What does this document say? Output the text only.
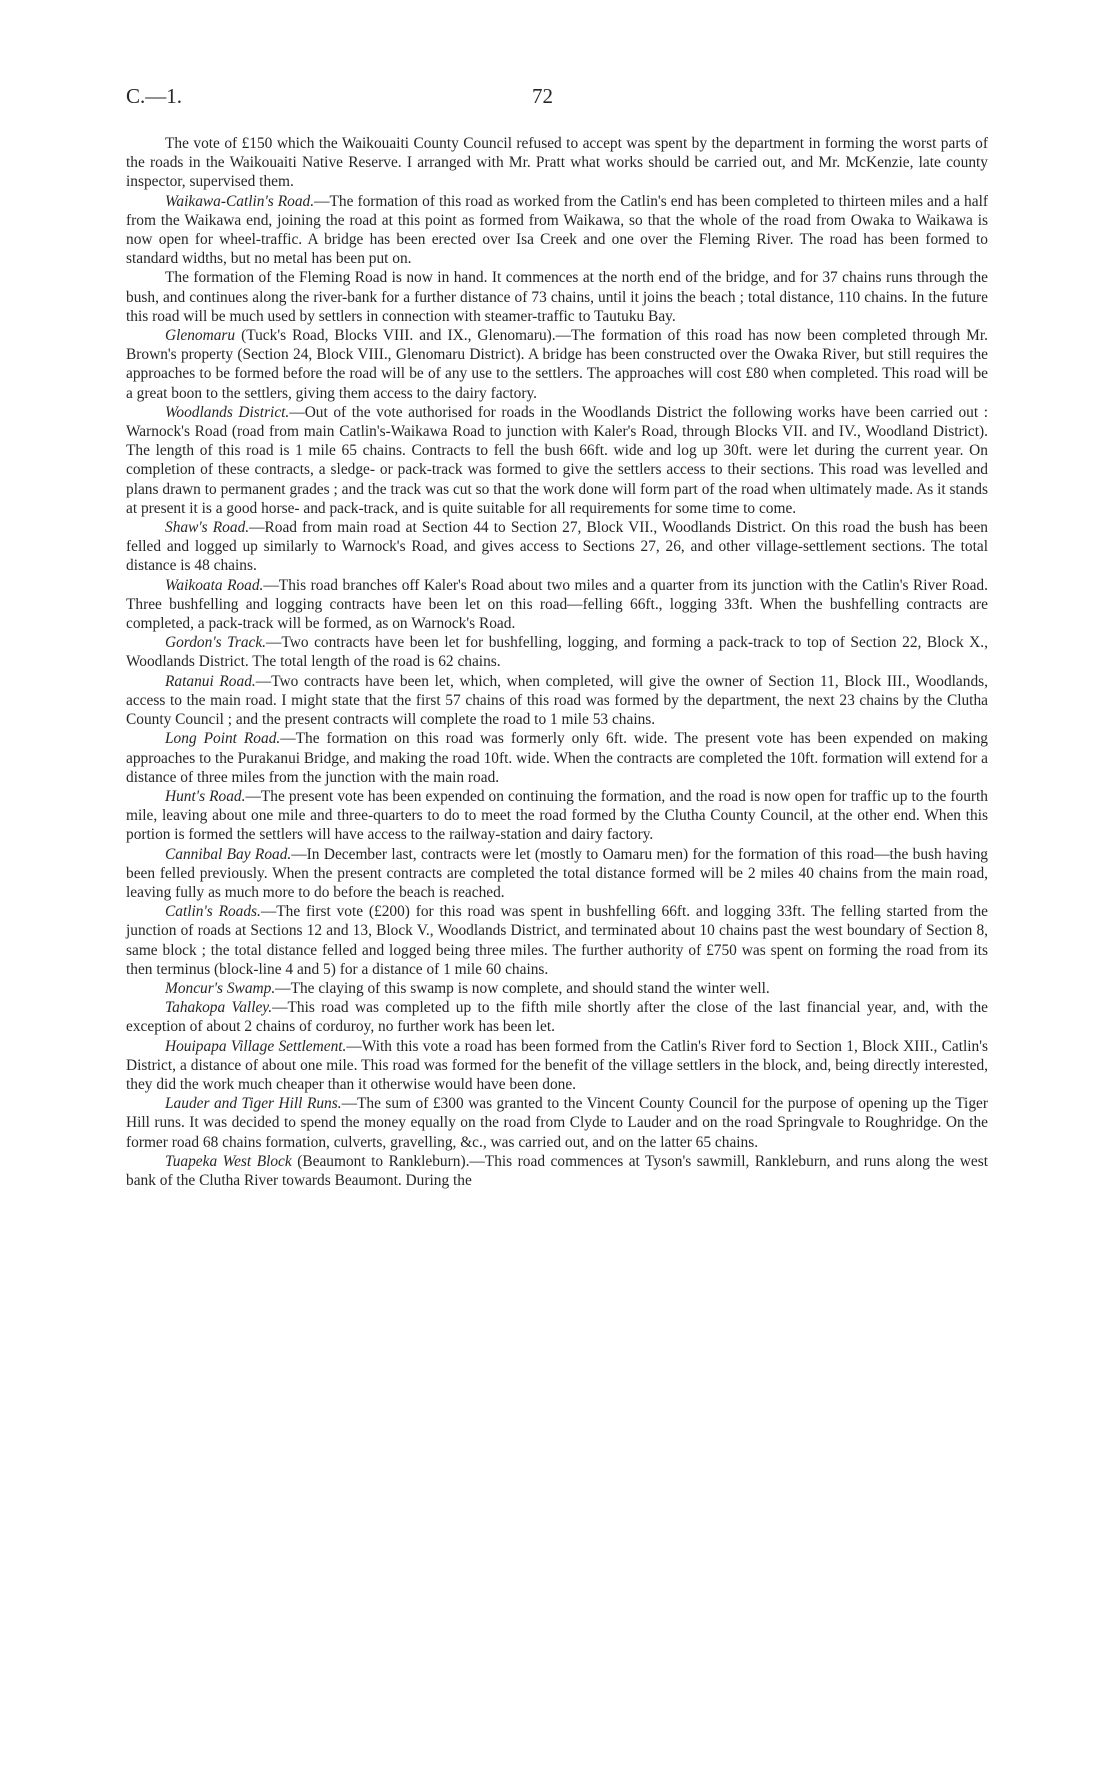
C.—1.	72

The vote of £150 which the Waikouaiti County Council refused to accept was spent by the department in forming the worst parts of the roads in the Waikouaiti Native Reserve. I arranged with Mr. Pratt what works should be carried out, and Mr. McKenzie, late county inspector, supervised them.

Waikawa-Catlin's Road.—The formation of this road as worked from the Catlin's end has been completed to thirteen miles and a half from the Waikawa end, joining the road at this point as formed from Waikawa, so that the whole of the road from Owaka to Waikawa is now open for wheel-traffic. A bridge has been erected over Isa Creek and one over the Fleming River. The road has been formed to standard widths, but no metal has been put on.

The formation of the Fleming Road is now in hand. It commences at the north end of the bridge, and for 37 chains runs through the bush, and continues along the river-bank for a further distance of 73 chains, until it joins the beach ; total distance, 110 chains. In the future this road will be much used by settlers in connection with steamer-traffic to Tautuku Bay.

Glenomaru (Tuck's Road, Blocks VIII. and IX., Glenomaru).—The formation of this road has now been completed through Mr. Brown's property (Section 24, Block VIII., Glenomaru District). A bridge has been constructed over the Owaka River, but still requires the approaches to be formed before the road will be of any use to the settlers. The approaches will cost £80 when completed. This road will be a great boon to the settlers, giving them access to the dairy factory.

Woodlands District.—Out of the vote authorised for roads in the Woodlands District the following works have been carried out : Warnock's Road (road from main Catlin's-Waikawa Road to junction with Kaler's Road, through Blocks VII. and IV., Woodland District). The length of this road is 1 mile 65 chains. Contracts to fell the bush 66ft. wide and log up 30ft. were let during the current year. On completion of these contracts, a sledge- or pack-track was formed to give the settlers access to their sections. This road was levelled and plans drawn to permanent grades ; and the track was cut so that the work done will form part of the road when ultimately made. As it stands at present it is a good horse- and pack-track, and is quite suitable for all requirements for some time to come.

Shaw's Road.—Road from main road at Section 44 to Section 27, Block VII., Woodlands District. On this road the bush has been felled and logged up similarly to Warnock's Road, and gives access to Sections 27, 26, and other village-settlement sections. The total distance is 48 chains.

Waikoata Road.—This road branches off Kaler's Road about two miles and a quarter from its junction with the Catlin's River Road. Three bushfelling and logging contracts have been let on this road—felling 66ft., logging 33ft. When the bushfelling contracts are completed, a pack-track will be formed, as on Warnock's Road.

Gordon's Track.—Two contracts have been let for bushfelling, logging, and forming a pack-track to top of Section 22, Block X., Woodlands District. The total length of the road is 62 chains.

Ratanui Road.—Two contracts have been let, which, when completed, will give the owner of Section 11, Block III., Woodlands, access to the main road. I might state that the first 57 chains of this road was formed by the department, the next 23 chains by the Clutha County Council ; and the present contracts will complete the road to 1 mile 53 chains.

Long Point Road.—The formation on this road was formerly only 6ft. wide. The present vote has been expended on making approaches to the Purakanui Bridge, and making the road 10ft. wide. When the contracts are completed the 10ft. formation will extend for a distance of three miles from the junction with the main road.

Hunt's Road.—The present vote has been expended on continuing the formation, and the road is now open for traffic up to the fourth mile, leaving about one mile and three-quarters to do to meet the road formed by the Clutha County Council, at the other end. When this portion is formed the settlers will have access to the railway-station and dairy factory.

Cannibal Bay Road.—In December last, contracts were let (mostly to Oamaru men) for the formation of this road—the bush having been felled previously. When the present contracts are completed the total distance formed will be 2 miles 40 chains from the main road, leaving fully as much more to do before the beach is reached.

Catlin's Roads.—The first vote (£200) for this road was spent in bushfelling 66ft. and logging 33ft. The felling started from the junction of roads at Sections 12 and 13, Block V., Woodlands District, and terminated about 10 chains past the west boundary of Section 8, same block ; the total distance felled and logged being three miles. The further authority of £750 was spent on forming the road from its then terminus (block-line 4 and 5) for a distance of 1 mile 60 chains.

Moncur's Swamp.—The claying of this swamp is now complete, and should stand the winter well.

Tahakopa Valley.—This road was completed up to the fifth mile shortly after the close of the last financial year, and, with the exception of about 2 chains of corduroy, no further work has been let.

Houipapa Village Settlement.—With this vote a road has been formed from the Catlin's River ford to Section 1, Block XIII., Catlin's District, a distance of about one mile. This road was formed for the benefit of the village settlers in the block, and, being directly interested, they did the work much cheaper than it otherwise would have been done.

Lauder and Tiger Hill Runs.—The sum of £300 was granted to the Vincent County Council for the purpose of opening up the Tiger Hill runs. It was decided to spend the money equally on the road from Clyde to Lauder and on the road Springvale to Roughridge. On the former road 68 chains formation, culverts, gravelling, &c., was carried out, and on the latter 65 chains.

Tuapeka West Block (Beaumont to Rankleburn).—This road commences at Tyson's sawmill, Rankleburn, and runs along the west bank of the Clutha River towards Beaumont. During the
